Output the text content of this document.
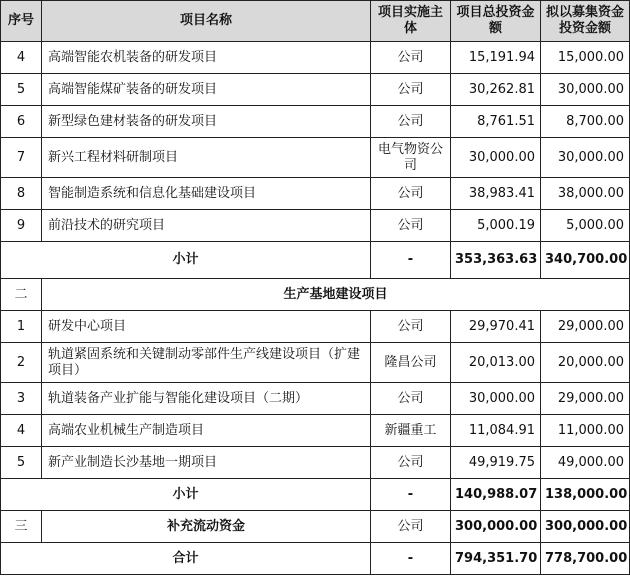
序号	项目名称	项目实施主体	项目总投资金额	拟以募集资金投资金额
4	高端智能农机装备的研发项目	公司	15,191.94	15,000.00
5	高端智能煤矿装备的研发项目	公司	30,262.81	30,000.00
6	新型绿色建材装备的研发项目	公司	8,761.51	8,700.00
7	新兴工程材料研制项目	电气物资公司	30,000.00	30,000.00
8	智能制造系统和信息化基础建设项目	公司	38,983.41	38,000.00
9	前沿技术的研究项目	公司	5,000.19	5,000.00
小计		-	353,363.63	340,700.00
二	生产基地建设项目			
1	研发中心项目	公司	29,970.41	29,000.00
2	轨道紧固系统和关键制动零部件生产线建设项目（扩建项目）	隆昌公司	20,013.00	20,000.00
3	轨道装备产业扩能与智能化建设项目（二期）	公司	30,000.00	29,000.00
4	高端农业机械生产制造项目	新疆重工	11,084.91	11,000.00
5	新产业制造长沙基地一期项目	公司	49,919.75	49,000.00
小计		-	140,988.07	138,000.00
三	补充流动资金	公司	300,000.00	300,000.00
合计		-	794,351.70	778,700.00
